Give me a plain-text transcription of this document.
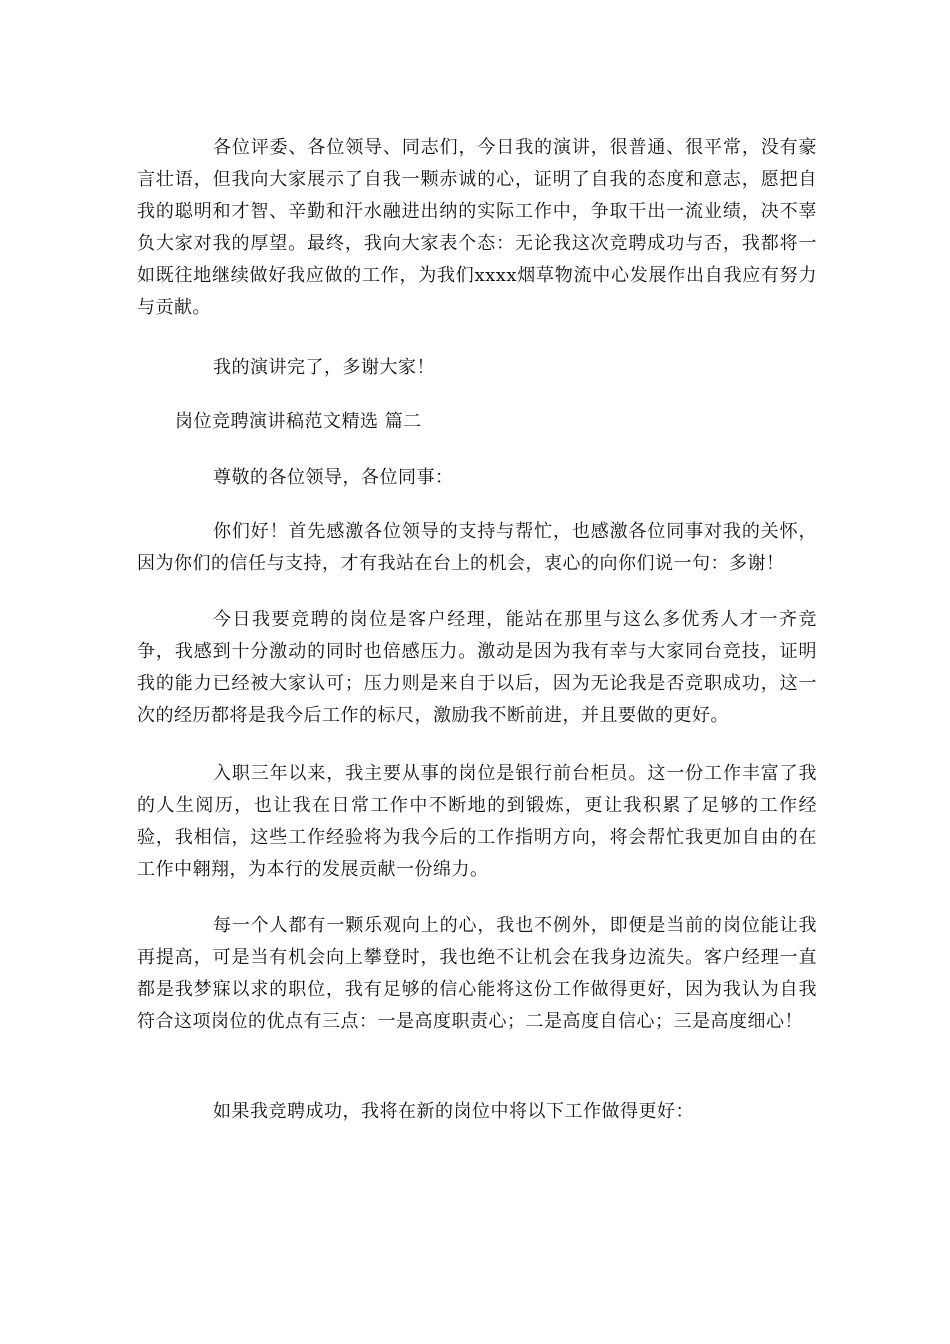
各位评委、各位领导、同志们，今日我的演讲，很普通、很平常，没有豪言壮语，但我向大家展示了自我一颗赤诚的心，证明了自我的态度和意志，愿把自我的聪明和才智、辛勤和汗水融进出纳的实际工作中，争取干出一流业绩，决不辜负大家对我的厚望。最终，我向大家表个态：无论我这次竞聘成功与否，我都将一如既往地继续做好我应做的工作，为我们xxxx烟草物流中心发展作出自我应有努力与贡献。

我的演讲完了，多谢大家！

岗位竞聘演讲稿范文精选 篇二

尊敬的各位领导，各位同事：

你们好！首先感激各位领导的支持与帮忙，也感激各位同事对我的关怀，因为你们的信任与支持，才有我站在台上的机会，衷心的向你们说一句：多谢！

今日我要竞聘的岗位是客户经理，能站在那里与这么多优秀人才一齐竞争，我感到十分激动的同时也倍感压力。激动是因为我有幸与大家同台竞技，证明我的能力已经被大家认可；压力则是来自于以后，因为无论我是否竞职成功，这一次的经历都将是我今后工作的标尺，激励我不断前进，并且要做的更好。

入职三年以来，我主要从事的岗位是银行前台柜员。这一份工作丰富了我的人生阅历，也让我在日常工作中不断地的到锻炼，更让我积累了足够的工作经验，我相信，这些工作经验将为我今后的工作指明方向，将会帮忙我更加自由的在工作中翱翔，为本行的发展贡献一份绵力。

每一个人都有一颗乐观向上的心，我也不例外，即便是当前的岗位能让我再提高，可是当有机会向上攀登时，我也绝不让机会在我身边流失。客户经理一直都是我梦寐以求的职位，我有足够的信心能将这份工作做得更好，因为我认为自我符合这项岗位的优点有三点：一是高度职责心；二是高度自信心；三是高度细心！

如果我竞聘成功，我将在新的岗位中将以下工作做得更好：
